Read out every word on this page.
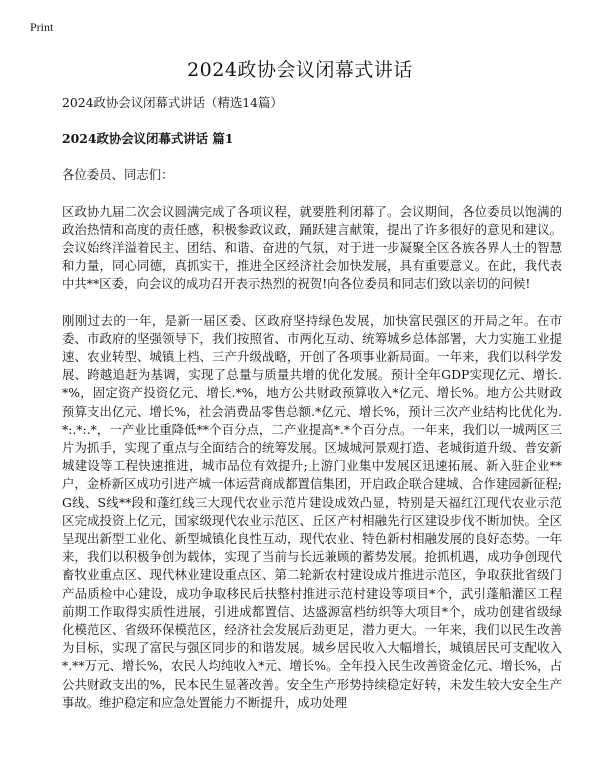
Print
2024政协会议闭幕式讲话

2024政协会议闭幕式讲话（精选14篇）

2024政协会议闭幕式讲话 篇1

各位委员、同志们：

区政协九届二次会议圆满完成了各项议程，就要胜利闭幕了。会议期间，各位委员以饱满的政治热情和高度的责任感，积极参政议政，踊跃建言献策，提出了许多很好的意见和建议。会议始终洋溢着民主、团结、和谐、奋进的气氛，对于进一步凝聚全区各族各界人士的智慧和力量，同心同德，真抓实干，推进全区经济社会加快发展，具有重要意义。在此，我代表中共**区委，向会议的成功召开表示热烈的祝贺!向各位委员和同志们致以亲切的问候!

刚刚过去的一年，是新一届区委、区政府坚持绿色发展，加快富民强区的开局之年。在市委、市政府的坚强领导下，我们按照省、市两化互动、统筹城乡总体部署，大力实施工业提速、农业转型、城镇上档、三产升级战略，开创了各项事业新局面。一年来，我们以科学发展、跨越追赶为基调，实现了总量与质量共增的优化发展。预计全年GDP实现亿元、增长.*%，固定资产投资亿元、增长.*%，地方公共财政预算收入*亿元、增长%。地方公共财政预算支出亿元、增长%，社会消费品零售总额.*亿元、增长%，预计三次产业结构比优化为.*:.*:.*，一产业比重降低**个百分点，二产业提高*.*个百分点。一年来，我们以一城两区三片为抓手，实现了重点与全面结合的统筹发展。区城城河景观打造、老城街道升级、普安新城建设等工程快速推进，城市品位有效提升;上游门业集中发展区迅速拓展、新入驻企业**户，金桥新区成功引进产城一体运营商成都置信集团，开启政企联合建城、合作建园新征程;G线、S线**段和蓬红线三大现代农业示范片建设成效凸显，特别是天福红江现代农业示范区完成投资上亿元，国家级现代农业示范区、丘区产村相融先行区建设步伐不断加快。全区呈现出新型工业化、新型城镇化良性互动，现代农业、特色新村相融发展的良好态势。一年来，我们以积极争创为载体，实现了当前与长远兼顾的蓄势发展。抢抓机遇，成功争创现代畜牧业重点区、现代林业建设重点区、第二轮新农村建设成片推进示范区，争取获批省级门产品质检中心建设，成功争取移民后扶整村推进示范村建设等项目*个，武引蓬船灌区工程前期工作取得实质性进展，引进成都置信、达盛源富档纺织等大项目*个，成功创建省级绿化模范区、省级环保模范区，经济社会发展后劲更足，潜力更大。一年来，我们以民生改善为目标，实现了富民与强区同步的和谐发展。城乡居民收入大幅增长，城镇居民可支配收入*.**万元、增长%，农民人均纯收入*元、增长%。全年投入民生改善资金亿元、增长%，占公共财政支出的%，民本民生显著改善。安全生产形势持续稳定好转，未发生较大安全生产事故。维护稳定和应急处置能力不断提升，成功处理
